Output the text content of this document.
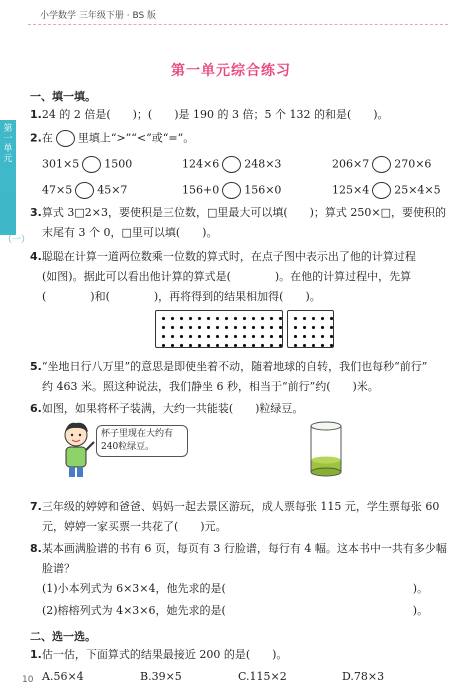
小学数学 三年级下册 · BS 版
第一单元综合练习
第一单元
整数乘法（一）
一、填一填。
1.24 的 2 倍是(　　)；(　　)是 190 的 3 倍；5 个 132 的和是(　　)。
2.在 里填上“>”“<”或“=”。
301×5 1500	124×6 248×3	206×7 270×6
47×5 45×7	156+0 156×0	125×4 25×4×5
3.算式 3□2×3，要使积是三位数，□里最大可以填(　　)；算式 250×□，要使积的
末尾有 3 个 0，□里可以填(　　)。
4.聪聪在计算一道两位数乘一位数的算式时，在点子图中表示出了他的计算过程
(如图)。据此可以看出他计算的算式是(　　　　)。在他的计算过程中，先算
(　　　　)和(　　　　)，再将得到的结果相加得(　　)。
5.“坐地日行八万里”的意思是即使坐着不动，随着地球的自转，我们也每秒“前行”
约 463 米。照这种说法，我们静坐 6 秒，相当于“前行”约(　　)米。
6.如图，如果将杯子装满，大约一共能装(　　)粒绿豆。
杯子里现在大约有240粒绿豆。
7.三年级的婷婷和爸爸、妈妈一起去景区游玩，成人票每张 115 元，学生票每张 60
元，婷婷一家买票一共花了(　　)元。
8.某本画满脸谱的书有 6 页，每页有 3 行脸谱，每行有 4 幅。这本书中一共有多少幅
脸谱？
(1)小本列式为 6×3×4，他先求的是(　　　　　　　　　　　　　　　　　)。
(2)榕榕列式为 4×3×6，她先求的是(　　　　　　　　　　　　　　　　　)。
二、选一选。
1.估一估，下面算式的结果最接近 200 的是(　　)。
A.56×4	B.39×5	C.115×2	D.78×3
10
